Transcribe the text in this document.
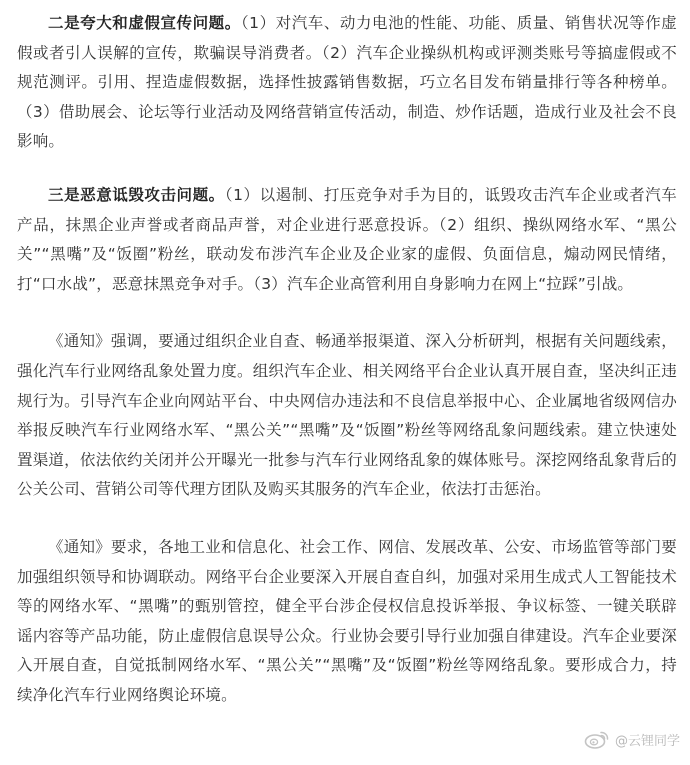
二是夸大和虚假宣传问题。（1）对汽车、动力电池的性能、功能、质量、销售状况等作虚假或者引人误解的宣传，欺骗误导消费者。（2）汽车企业操纵机构或评测类账号等搞虚假或不规范测评。引用、捏造虚假数据，选择性披露销售数据，巧立名目发布销量排行等各种榜单。（3）借助展会、论坛等行业活动及网络营销宣传活动，制造、炒作话题，造成行业及社会不良影响。

三是恶意诋毁攻击问题。（1）以遏制、打压竞争对手为目的，诋毁攻击汽车企业或者汽车产品，抹黑企业声誉或者商品声誉，对企业进行恶意投诉。（2）组织、操纵网络水军、“黑公关”“黑嘴”及“饭圈”粉丝，联动发布涉汽车企业及企业家的虚假、负面信息，煽动网民情绪，打“口水战”，恶意抹黑竞争对手。（3）汽车企业高管利用自身影响力在网上“拉踩”引战。

《通知》强调，要通过组织企业自查、畅通举报渠道、深入分析研判，根据有关问题线索，强化汽车行业网络乱象处置力度。组织汽车企业、相关网络平台企业认真开展自查，坚决纠正违规行为。引导汽车企业向网站平台、中央网信办违法和不良信息举报中心、企业属地省级网信办举报反映汽车行业网络水军、“黑公关”“黑嘴”及“饭圈”粉丝等网络乱象问题线索。建立快速处置渠道，依法依约关闭并公开曝光一批参与汽车行业网络乱象的媒体账号。深挖网络乱象背后的公关公司、营销公司等代理方团队及购买其服务的汽车企业，依法打击惩治。

《通知》要求，各地工业和信息化、社会工作、网信、发展改革、公安、市场监管等部门要加强组织领导和协调联动。网络平台企业要深入开展自查自纠，加强对采用生成式人工智能技术等的网络水军、“黑嘴”的甄别管控，健全平台涉企侵权信息投诉举报、争议标签、一键关联辟谣内容等产品功能，防止虚假信息误导公众。行业协会要引导行业加强自律建设。汽车企业要深入开展自查，自觉抵制网络水军、“黑公关”“黑嘴”及“饭圈”粉丝等网络乱象。要形成合力，持续净化汽车行业网络舆论环境。

@云锂同学
